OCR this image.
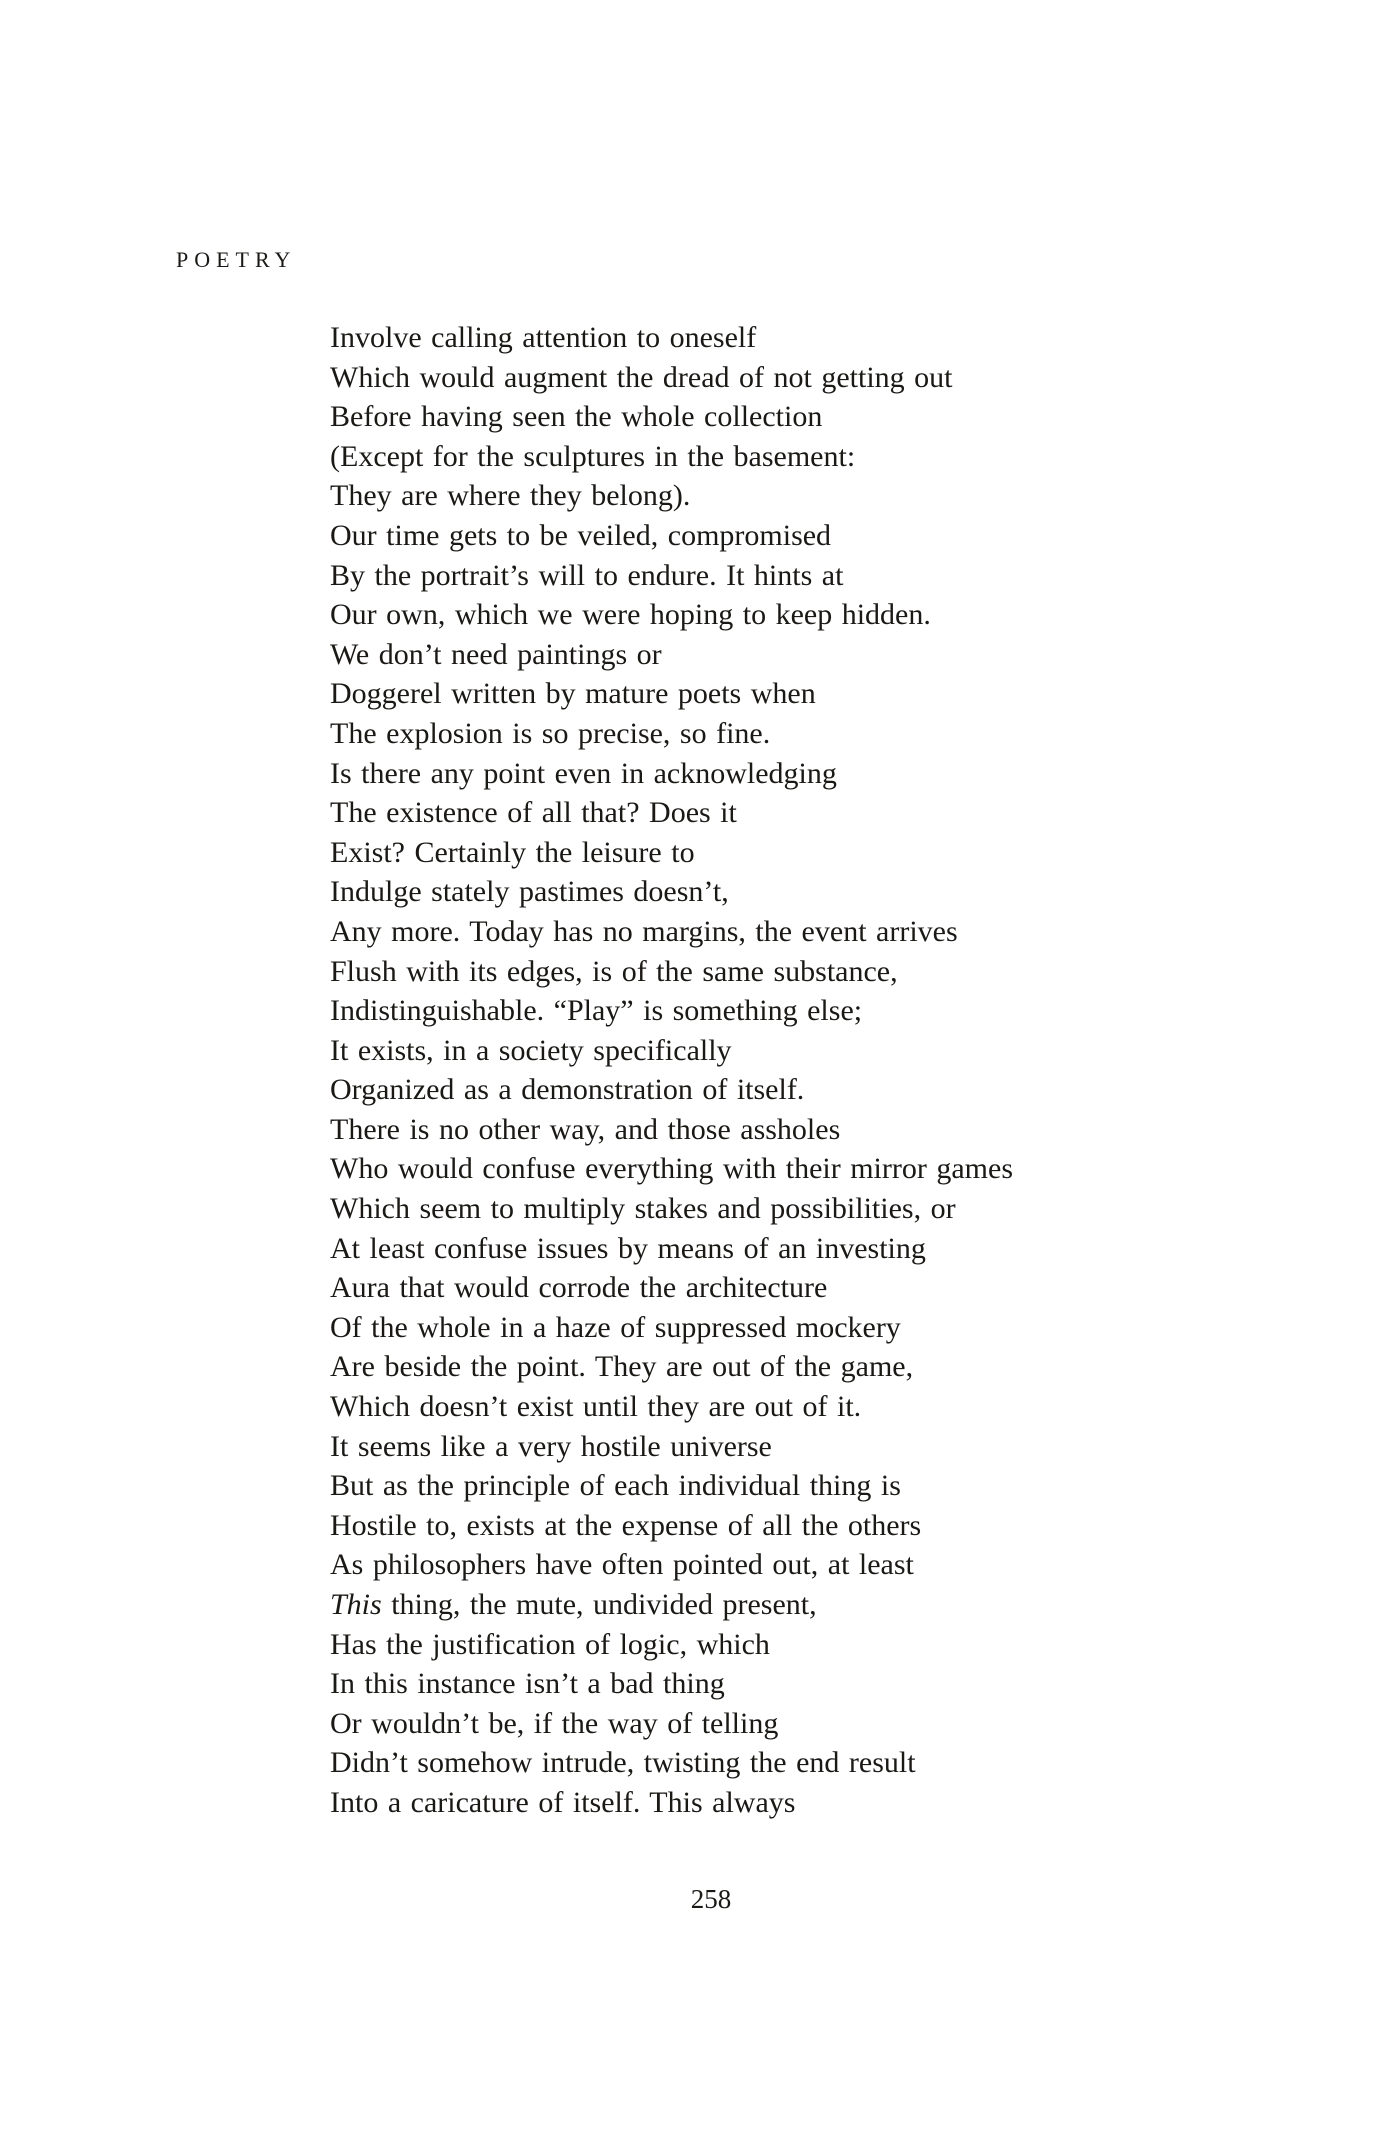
POETRY
Involve calling attention to oneself
Which would augment the dread of not getting out
Before having seen the whole collection
(Except for the sculptures in the basement:
They are where they belong).
Our time gets to be veiled, compromised
By the portrait’s will to endure. It hints at
Our own, which we were hoping to keep hidden.
We don’t need paintings or
Doggerel written by mature poets when
The explosion is so precise, so fine.
Is there any point even in acknowledging
The existence of all that? Does it
Exist? Certainly the leisure to
Indulge stately pastimes doesn’t,
Any more. Today has no margins, the event arrives
Flush with its edges, is of the same substance,
Indistinguishable. “Play” is something else;
It exists, in a society specifically
Organized as a demonstration of itself.
There is no other way, and those assholes
Who would confuse everything with their mirror games
Which seem to multiply stakes and possibilities, or
At least confuse issues by means of an investing
Aura that would corrode the architecture
Of the whole in a haze of suppressed mockery
Are beside the point. They are out of the game,
Which doesn’t exist until they are out of it.
It seems like a very hostile universe
But as the principle of each individual thing is
Hostile to, exists at the expense of all the others
As philosophers have often pointed out, at least
This thing, the mute, undivided present,
Has the justification of logic, which
In this instance isn’t a bad thing
Or wouldn’t be, if the way of telling
Didn’t somehow intrude, twisting the end result
Into a caricature of itself. This always
258
